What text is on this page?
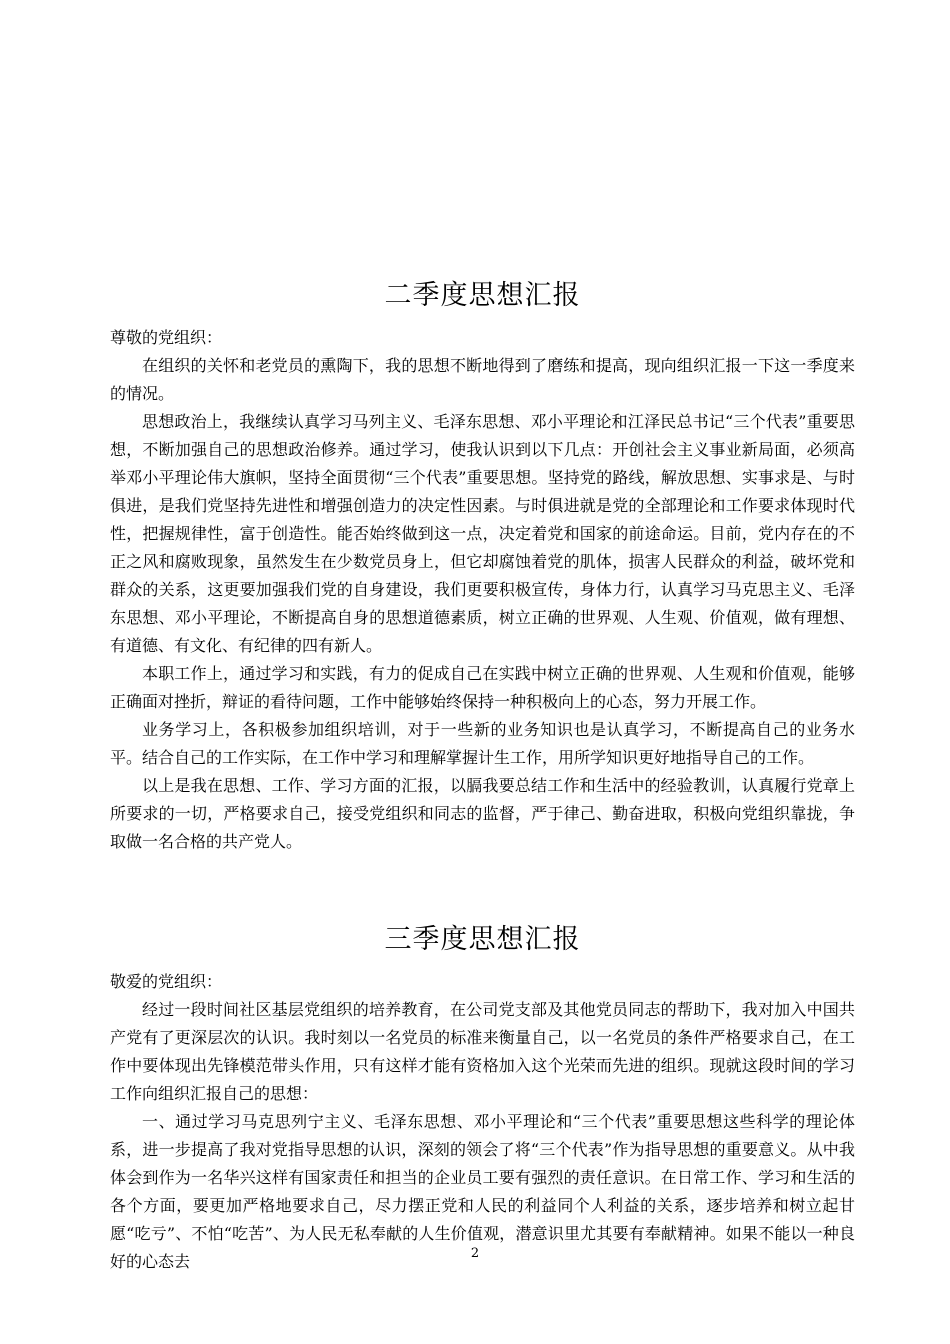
二季度思想汇报

尊敬的党组织：

在组织的关怀和老党员的熏陶下，我的思想不断地得到了磨练和提高，现向组织汇报一下这一季度来的情况。

思想政治上，我继续认真学习马列主义、毛泽东思想、邓小平理论和江泽民总书记“三个代表”重要思想，不断加强自己的思想政治修养。通过学习，使我认识到以下几点：开创社会主义事业新局面，必须高举邓小平理论伟大旗帜，坚持全面贯彻“三个代表”重要思想。坚持党的路线，解放思想、实事求是、与时俱进，是我们党坚持先进性和增强创造力的决定性因素。与时俱进就是党的全部理论和工作要求体现时代性，把握规律性，富于创造性。能否始终做到这一点，决定着党和国家的前途命运。目前，党内存在的不正之风和腐败现象，虽然发生在少数党员身上，但它却腐蚀着党的肌体，损害人民群众的利益，破坏党和群众的关系，这更要加强我们党的自身建设，我们更要积极宣传，身体力行，认真学习马克思主义、毛泽东思想、邓小平理论，不断提高自身的思想道德素质，树立正确的世界观、人生观、价值观，做有理想、有道德、有文化、有纪律的四有新人。

本职工作上，通过学习和实践，有力的促成自己在实践中树立正确的世界观、人生观和价值观，能够正确面对挫折，辩证的看待问题，工作中能够始终保持一种积极向上的心态，努力开展工作。

业务学习上，各积极参加组织培训，对于一些新的业务知识也是认真学习，不断提高自己的业务水平。结合自己的工作实际，在工作中学习和理解掌握计生工作，用所学知识更好地指导自己的工作。

以上是我在思想、工作、学习方面的汇报，以膈我要总结工作和生活中的经验教训，认真履行党章上所要求的一切，严格要求自己，接受党组织和同志的监督，严于律己、勤奋进取，积极向党组织靠拢，争取做一名合格的共产党人。

三季度思想汇报

敬爱的党组织：

经过一段时间社区基层党组织的培养教育，在公司党支部及其他党员同志的帮助下，我对加入中国共产党有了更深层次的认识。我时刻以一名党员的标准来衡量自己，以一名党员的条件严格要求自己，在工作中要体现出先锋模范带头作用，只有这样才能有资格加入这个光荣而先进的组织。现就这段时间的学习工作向组织汇报自己的思想：

一、通过学习马克思列宁主义、毛泽东思想、邓小平理论和“三个代表”重要思想这些科学的理论体系，进一步提高了我对党指导思想的认识，深刻的领会了将“三个代表”作为指导思想的重要意义。从中我体会到作为一名华兴这样有国家责任和担当的企业员工要有强烈的责任意识。在日常工作、学习和生活的各个方面，要更加严格地要求自己，尽力摆正党和人民的利益同个人利益的关系，逐步培养和树立起甘愿“吃亏”、不怕“吃苦”、为人民无私奉献的人生价值观，潜意识里尤其要有奉献精神。如果不能以一种良好的心态去	2
